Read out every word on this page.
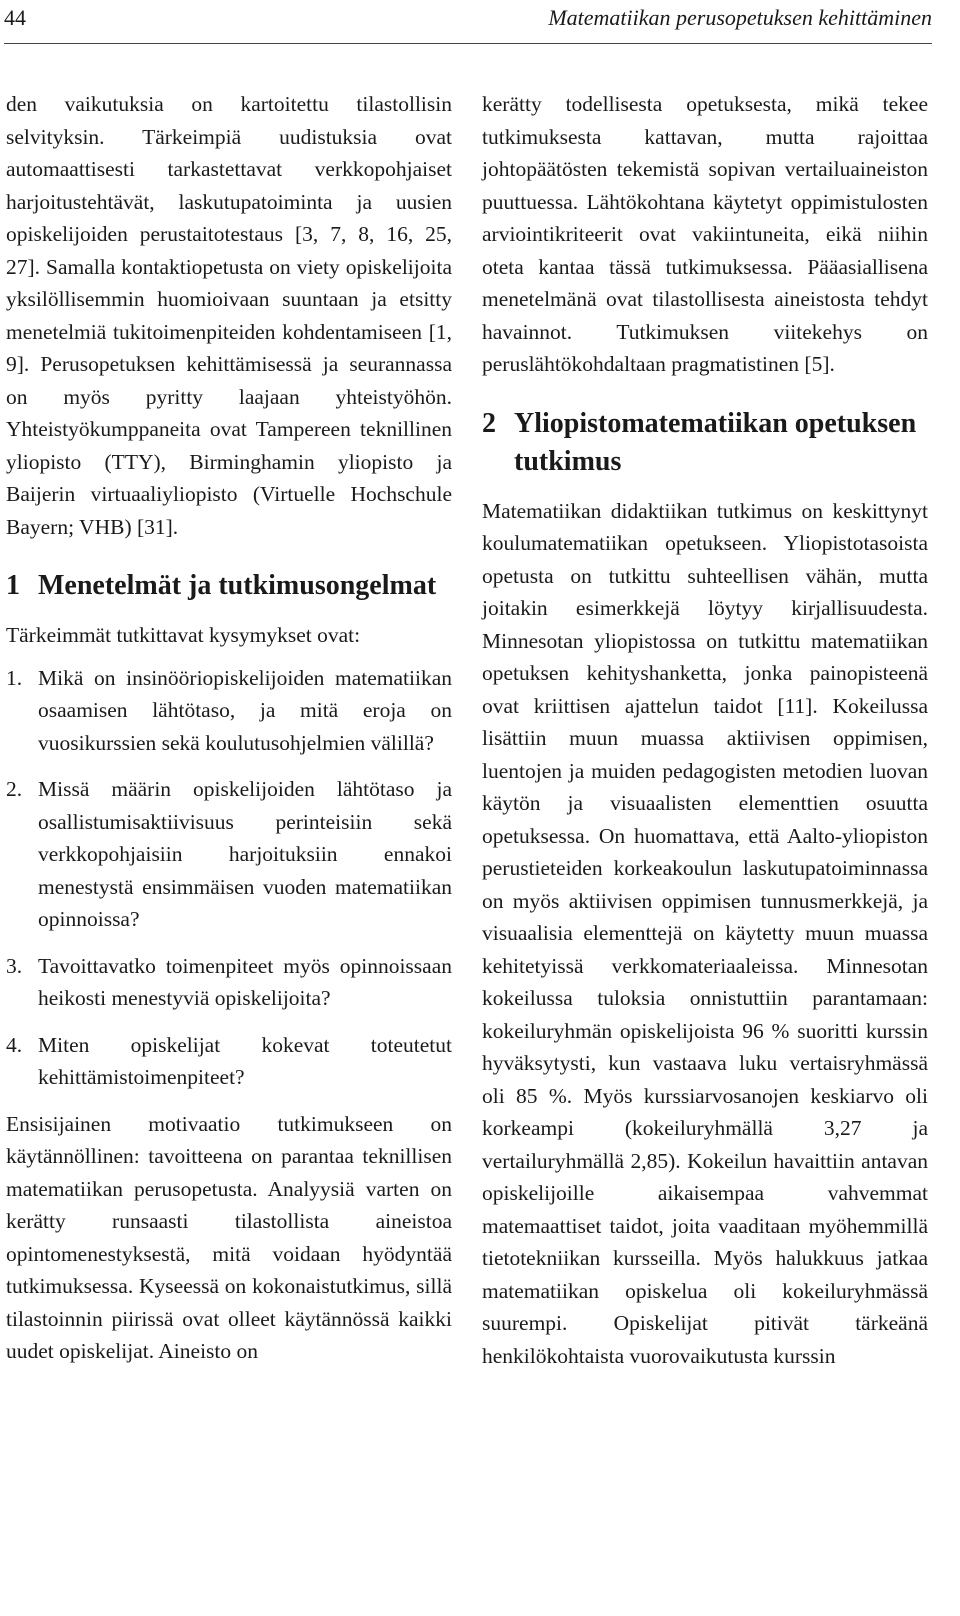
44	Matematiikan perusopetuksen kehittäminen

den vaikutuksia on kartoitettu tilastollisin selvityksin. Tärkeimpiä uudistuksia ovat automaattisesti tarkastettavat verkkopohjaiset harjoitustehtävät, laskutupatoiminta ja uusien opiskelijoiden perustaitotestaus [3, 7, 8, 16, 25, 27]. Samalla kontaktiopetusta on viety opiskelijoita yksilöllisemmin huomioivaan suuntaan ja etsitty menetelmiä tukitoimenpiteiden kohdentamiseen [1, 9]. Perusopetuksen kehittämisessä ja seurannassa on myös pyritty laajaan yhteistyöhön. Yhteistyökumppaneita ovat Tampereen teknillinen yliopisto (TTY), Birminghamin yliopisto ja Baijerin virtuaaliyliopisto (Virtuelle Hochschule Bayern; VHB) [31].

1 Menetelmät ja tutkimusongelmat

Tärkeimmät tutkittavat kysymykset ovat:

1. Mikä on insinööriopiskelijoiden matematiikan osaamisen lähtötaso, ja mitä eroja on vuosikurssien sekä koulutusohjelmien välillä?
2. Missä määrin opiskelijoiden lähtötaso ja osallistumisaktiivisuus perinteisiin sekä verkkopohjaisiin harjoituksiin ennakoi menestystä ensimmäisen vuoden matematiikan opinnoissa?
3. Tavoittavatko toimenpiteet myös opinnoissaan heikosti menestyviä opiskelijoita?
4. Miten opiskelijat kokevat toteutetut kehittämistoimenpiteet?

Ensisijainen motivaatio tutkimukseen on käytännöllinen: tavoitteena on parantaa teknillisen matematiikan perusopetusta. Analyysiä varten on kerätty runsaasti tilastollista aineistoa opintomenestyksestä, mitä voidaan hyödyntää tutkimuksessa. Kyseessä on kokonaistutkimus, sillä tilastoinnin piirissä ovat olleet käytännössä kaikki uudet opiskelijat. Aineisto on

kerätty todellisesta opetuksesta, mikä tekee tutkimuksesta kattavan, mutta rajoittaa johtopäätösten tekemistä sopivan vertailuaineiston puuttuessa. Lähtökohtana käytetyt oppimistulosten arviointikriteerit ovat vakiintuneita, eikä niihin oteta kantaa tässä tutkimuksessa. Pääasiallisena menetelmänä ovat tilastollisesta aineistosta tehdyt havainnot. Tutkimuksen viitekehys on peruslähtökohdaltaan pragmatistinen [5].

2 Yliopistomatematiikan opetuksen tutkimus

Matematiikan didaktiikan tutkimus on keskittynyt koulumatematiikan opetukseen. Yliopistotasoista opetusta on tutkittu suhteellisen vähän, mutta joitakin esimerkkejä löytyy kirjallisuudesta. Minnesotan yliopistossa on tutkittu matematiikan opetuksen kehityshanketta, jonka painopisteenä ovat kriittisen ajattelun taidot [11]. Kokeilussa lisättiin muun muassa aktiivisen oppimisen, luentojen ja muiden pedagogisten metodien luovan käytön ja visuaalisten elementtien osuutta opetuksessa. On huomattava, että Aalto-yliopiston perustieteiden korkeakoulun laskutupatoiminnassa on myös aktiivisen oppimisen tunnusmerkkejä, ja visuaalisia elementtejä on käytetty muun muassa kehitetyissä verkkomateriaaleissa. Minnesotan kokeilussa tuloksia onnistuttiin parantamaan: kokeiluryhmän opiskelijoista 96 % suoritti kurssin hyväksytysti, kun vastaava luku vertaisryhmässä oli 85 %. Myös kurssiarvosanojen keskiarvo oli korkeampi (kokeiluryhmällä 3,27 ja vertailuryhmällä 2,85). Kokeilun havaittiin antavan opiskelijoille aikaisempaa vahvemmat matemaattiset taidot, joita vaaditaan myöhemmillä tietotekniikan kursseilla. Myös halukkuus jatkaa matematiikan opiskelua oli kokeiluryhmässä suurempi. Opiskelijat pitivät tärkeänä henkilökohtaista vuorovaikutusta kurssin
